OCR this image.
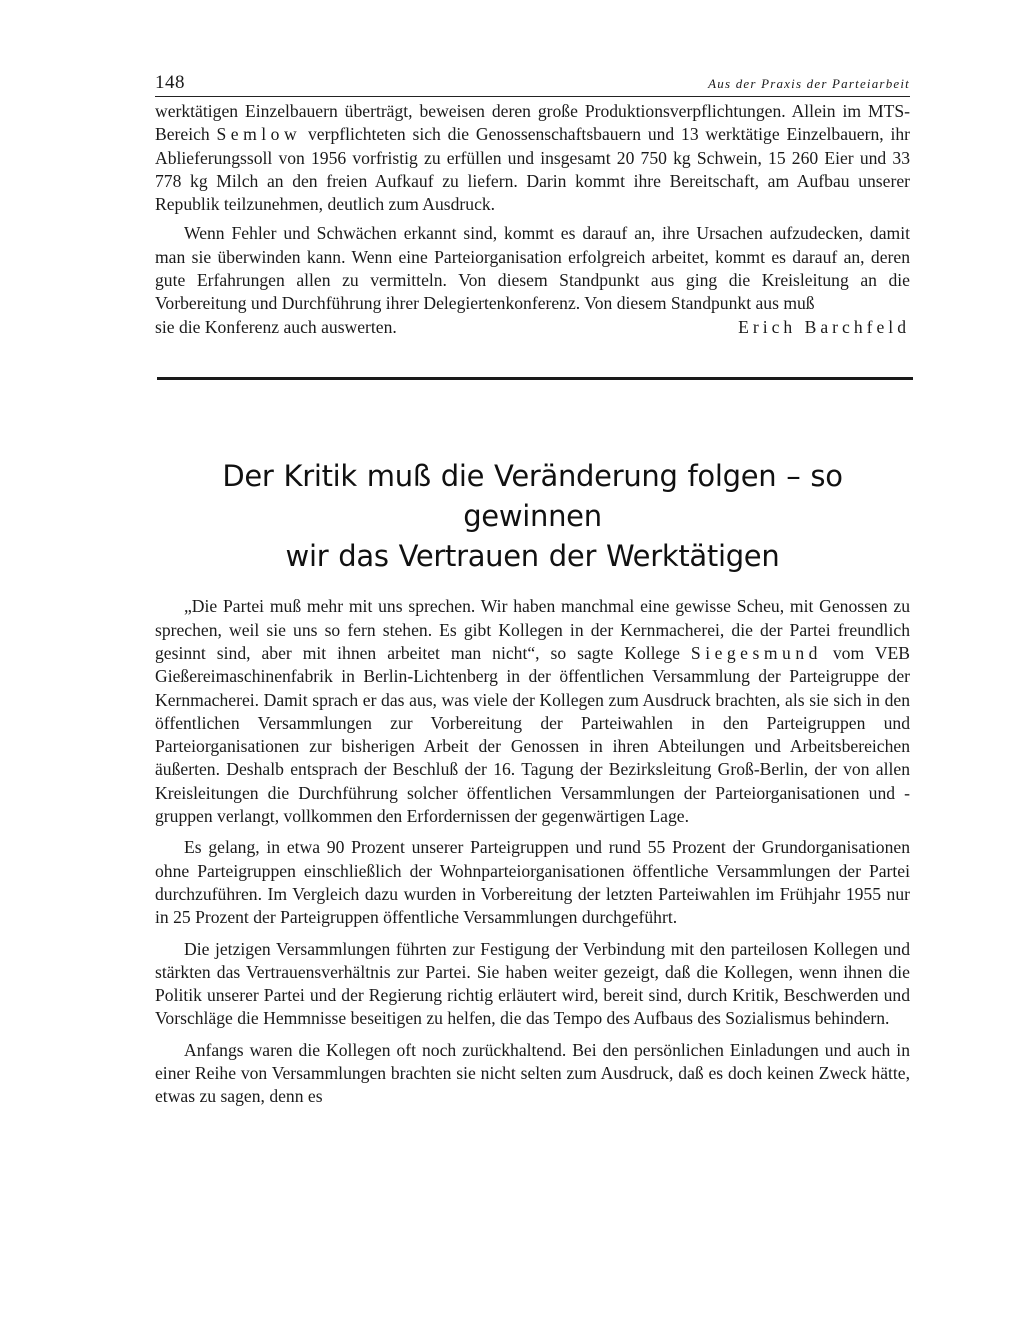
148	Aus der Praxis der Parteiarbeit

werktätigen Einzelbauern überträgt, beweisen deren große Produktionsverpflichtungen. Allein im MTS-Bereich Semlow verpflichteten sich die Genossenschaftsbauern und 13 werktätige Einzelbauern, ihr Ablieferungssoll von 1956 vorfristig zu erfüllen und insgesamt 20 750 kg Schwein, 15 260 Eier und 33 778 kg Milch an den freien Aufkauf zu liefern. Darin kommt ihre Bereitschaft, am Aufbau unserer Republik teilzunehmen, deutlich zum Ausdruck.

Wenn Fehler und Schwächen erkannt sind, kommt es darauf an, ihre Ursachen aufzudecken, damit man sie überwinden kann. Wenn eine Parteiorganisation erfolgreich arbeitet, kommt es darauf an, deren gute Erfahrungen allen zu vermitteln. Von diesem Standpunkt aus ging die Kreisleitung an die Vorbereitung und Durchführung ihrer Delegiertenkonferenz. Von diesem Standpunkt aus muß

sie die Konferenz auch auswerten.	Erich Barchfeld

Der Kritik muß die Veränderung folgen – so gewinnen
wir das Vertrauen der Werktätigen

„Die Partei muß mehr mit uns sprechen. Wir haben manchmal eine gewisse Scheu, mit Genossen zu sprechen, weil sie uns so fern stehen. Es gibt Kollegen in der Kernmacherei, die der Partei freundlich gesinnt sind, aber mit ihnen arbeitet man nicht“, so sagte Kollege Siegesmund vom VEB Gießereimaschinenfabrik in Berlin-Lichtenberg in der öffentlichen Versammlung der Parteigruppe der Kernmacherei. Damit sprach er das aus, was viele der Kollegen zum Ausdruck brachten, als sie sich in den öffentlichen Versammlungen zur Vorbereitung der Parteiwahlen in den Parteigruppen und Parteiorganisationen zur bisherigen Arbeit der Genossen in ihren Abteilungen und Arbeitsbereichen äußerten. Deshalb entsprach der Beschluß der 16. Tagung der Bezirksleitung Groß-Berlin, der von allen Kreisleitungen die Durchführung solcher öffentlichen Versammlungen der Parteiorganisationen und -gruppen verlangt, vollkommen den Erfordernissen der gegenwärtigen Lage.

Es gelang, in etwa 90 Prozent unserer Parteigruppen und rund 55 Prozent der Grundorganisationen ohne Parteigruppen einschließlich der Wohnparteiorganisationen öffentliche Versammlungen der Partei durchzuführen. Im Vergleich dazu wurden in Vorbereitung der letzten Parteiwahlen im Frühjahr 1955 nur in 25 Prozent der Parteigruppen öffentliche Versammlungen durchgeführt.

Die jetzigen Versammlungen führten zur Festigung der Verbindung mit den parteilosen Kollegen und stärkten das Vertrauensverhältnis zur Partei. Sie haben weiter gezeigt, daß die Kollegen, wenn ihnen die Politik unserer Partei und der Regierung richtig erläutert wird, bereit sind, durch Kritik, Beschwerden und Vorschläge die Hemmnisse beseitigen zu helfen, die das Tempo des Aufbaus des Sozialismus behindern.

Anfangs waren die Kollegen oft noch zurückhaltend. Bei den persönlichen Einladungen und auch in einer Reihe von Versammlungen brachten sie nicht selten zum Ausdruck, daß es doch keinen Zweck hätte, etwas zu sagen, denn es
